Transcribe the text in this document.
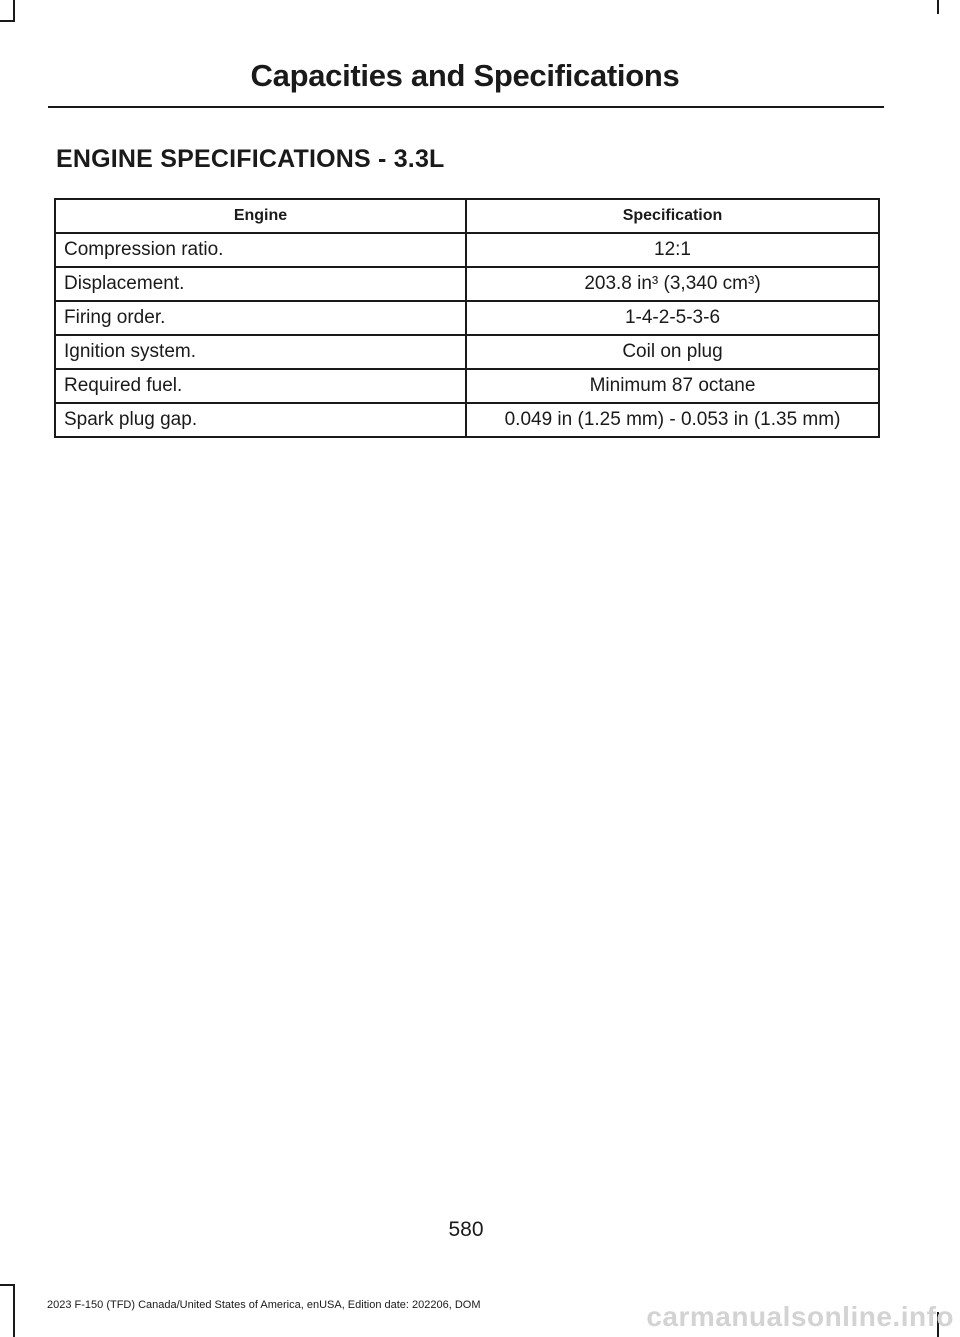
Capacities and Specifications
ENGINE SPECIFICATIONS - 3.3L
Engine	Specification
Compression ratio.	12:1
Displacement.	203.8 in³ (3,340 cm³)
Firing order.	1-4-2-5-3-6
Ignition system.	Coil on plug
Required fuel.	Minimum 87 octane
Spark plug gap.	0.049 in (1.25 mm) - 0.053 in (1.35 mm)
580
2023 F-150 (TFD) Canada/United States of America, enUSA, Edition date: 202206, DOM	carmanualsonline.info
